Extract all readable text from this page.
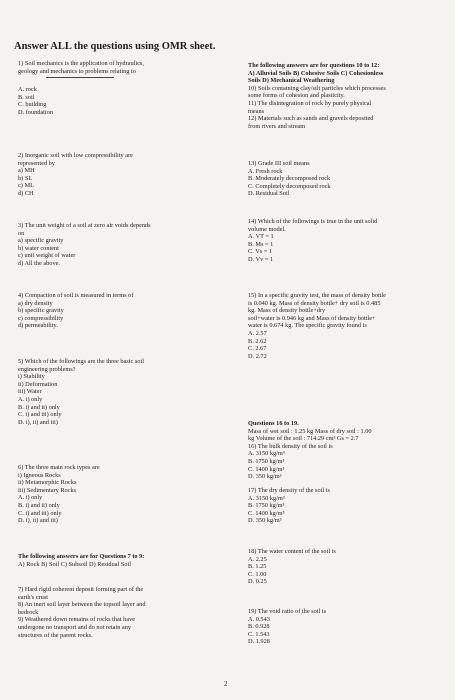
Answer ALL the questions using OMR sheet.
1) Soil mechanics is the application of hydraulics,
geology and mechanics to problems relating to
A. rock
B. soil
C. building
D. foundation
2) Inorganic soil with low compressibility are
represented by
a) MH
b) SL
c) ML
d) CH
3) The unit weight of a soil at zero air voids depends
on
a) specific gravity
b) water content
c) unit weight of water
d) All the above.
4) Compaction of soil is measured in terms of
a) dry density
b) specific gravity
c) compressibility
d) permeability.
5) Which of the followings are the three basic soil
engineering problems?
i) Stability
ii) Deformation
iii) Water
A. i) only
B. i) and ii) only
C. i) and iii) only
D. i), ii) and iii)
6) The three main rock types are
i) Igneous Rocks
ii) Metamorphic Rocks
iii) Sedimentary Rocks
A. i) only
B. i) and ii) only
C. i) and iii) only
D. i), ii) and iii)
The following answers are for Questions 7 to 9:
A) Rock B) Soil C) Subsoil D) Residual Soil
7) Hard rigid coherent deposit forming part of the
earth's crust
8) An inert soil layer between the topsoil layer and
bedrock
9) Weathered down remains of rocks that have
undergone no transport and do not retain any
structures of the parent rocks.
The following answers are for questions 10 to 12:
A) Alluvial Soils B) Cohesive Soils C) Cohesionless
Soils D) Mechanical Weathering
10) Soils containing clay/silt particles which processes
some forms of cohesion and plasticity.
11) The disintegration of rock by purely physical
means
12) Materials such as sands and gravels deposited
from rivers and stream
13) Grade III soil means
A. Fresh rock
B. Moderately decomposed rock
C. Completely decomposed rock
D. Residual Soil
14) Which of the followings is true in the unit solid
volume model.
A. VT = 1
B. Ms = 1
C. Vs = 1
D. Vv = 1
15) In a specific gravity test, the mass of density bottle
is 0.040 kg. Mass of density bottle+ dry soil is 0.485
kg. Mass of density bottle+dry
soil+water is 0.946 kg and Mass of density bottle+
water is 0.674 kg. The specific gravity found is
A. 2.57
B. 2.62
C. 2.67
D. 2.72
Questions 16 to 19.
Mass of wet soil : 1.25 kg Mass of dry soil : 1.00
kg Volume of the soil : 714.29 cm³ Gs = 2.7
16) The bulk density of the soil is
A. 3150 kg/m³
B. 1750 kg/m³
C. 1400 kg/m³
D. 350 kg/m³
17) The dry density of the soil is
A. 3150 kg/m³
B. 1750 kg/m³
C. 1400 kg/m³
D. 350 kg/m³
18) The water content of the soil is
A. 2.25
B. 1.25
C. 1.00
D. 0.25
19) The void ratio of the soil is
A. 0.543
B. 0.928
C. 1.543
D. 1.928
2
